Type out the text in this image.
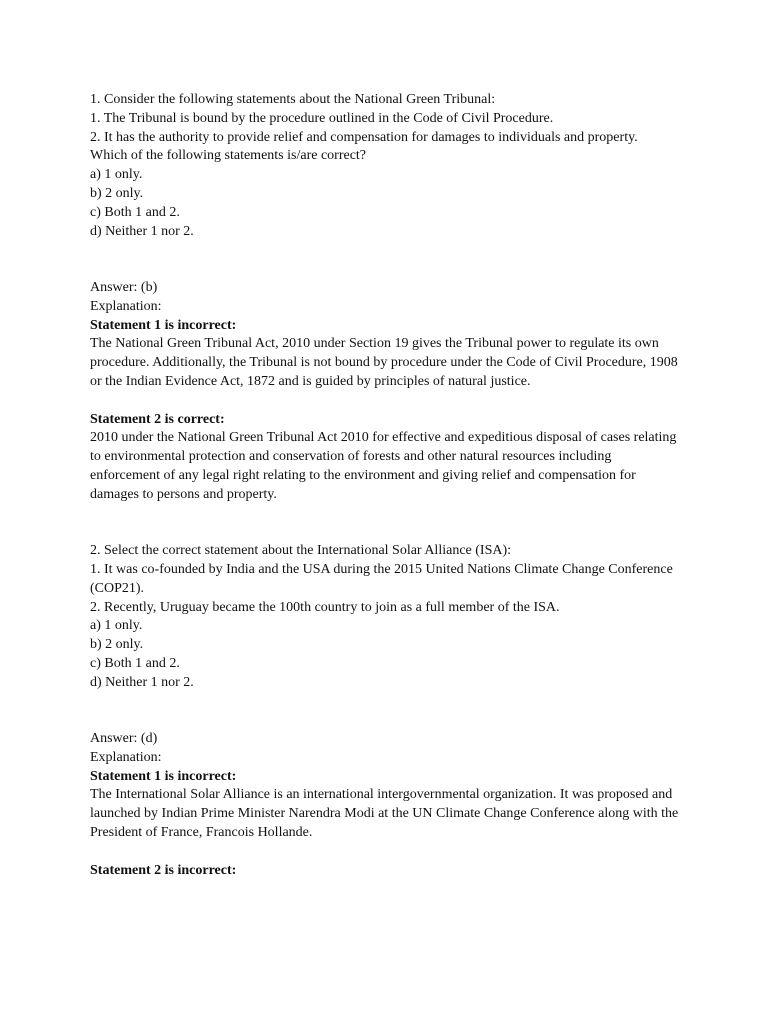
1. Consider the following statements about the National Green Tribunal:
1. The Tribunal is bound by the procedure outlined in the Code of Civil Procedure.
2. It has the authority to provide relief and compensation for damages to individuals and property.
Which of the following statements is/are correct?
a) 1 only.
b) 2 only.
c) Both 1 and 2.
d) Neither 1 nor 2.
Answer: (b)
Explanation:
Statement 1 is incorrect:
The National Green Tribunal Act, 2010 under Section 19 gives the Tribunal power to regulate its own procedure. Additionally, the Tribunal is not bound by procedure under the Code of Civil Procedure, 1908 or the Indian Evidence Act, 1872 and is guided by principles of natural justice.
Statement 2 is correct:
2010 under the National Green Tribunal Act 2010 for effective and expeditious disposal of cases relating to environmental protection and conservation of forests and other natural resources including enforcement of any legal right relating to the environment and giving relief and compensation for damages to persons and property.
2. Select the correct statement about the International Solar Alliance (ISA):
1. It was co-founded by India and the USA during the 2015 United Nations Climate Change Conference (COP21).
2. Recently, Uruguay became the 100th country to join as a full member of the ISA.
a) 1 only.
b) 2 only.
c) Both 1 and 2.
d) Neither 1 nor 2.
Answer: (d)
Explanation:
Statement 1 is incorrect:
The International Solar Alliance is an international intergovernmental organization. It was proposed and launched by Indian Prime Minister Narendra Modi at the UN Climate Change Conference along with the President of France, Francois Hollande.
Statement 2 is incorrect:
